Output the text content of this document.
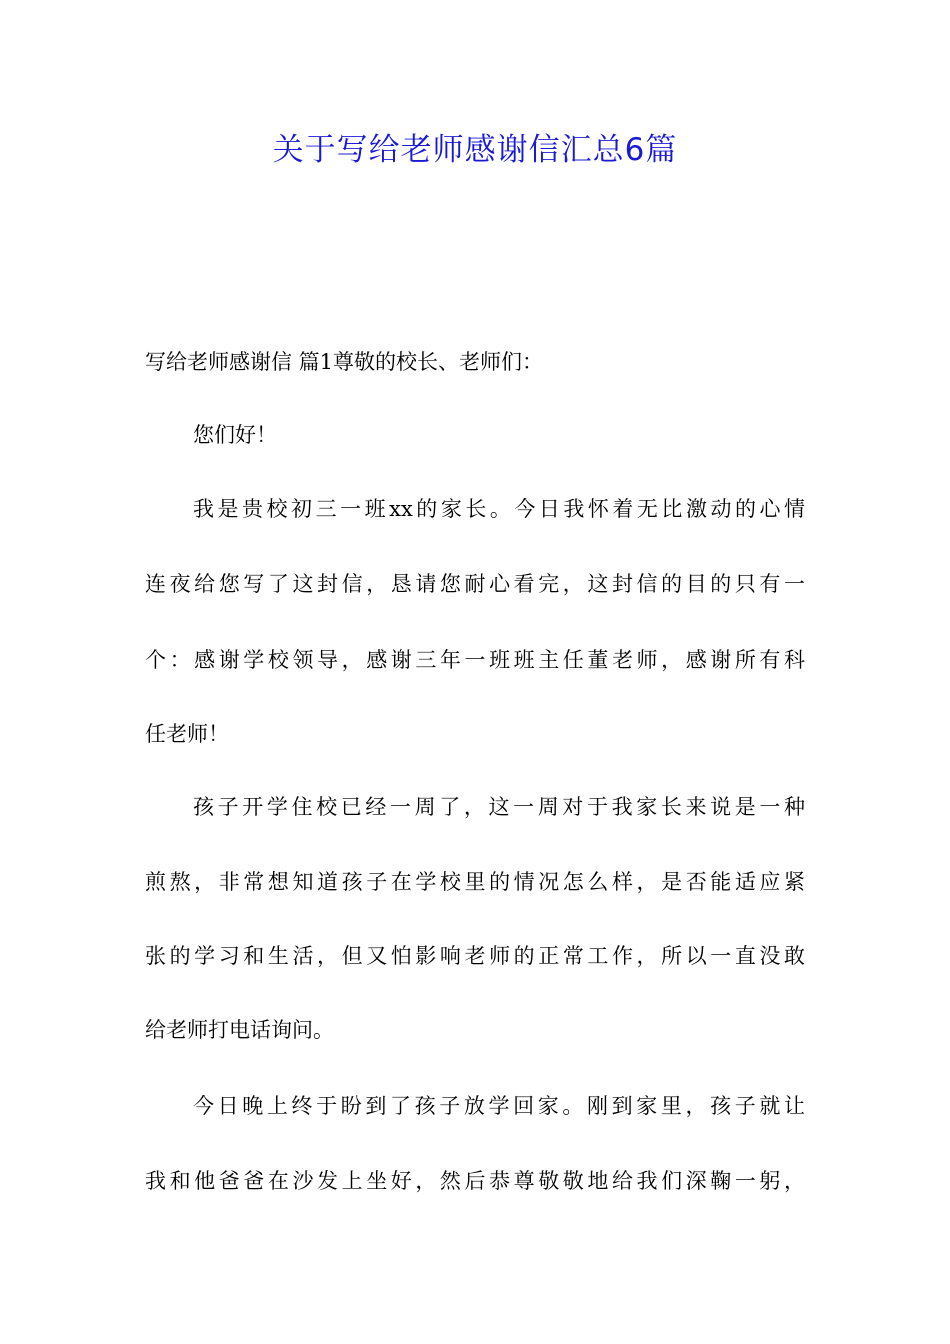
关于写给老师感谢信汇总6篇
写给老师感谢信 篇1尊敬的校长、老师们：
您们好！
我是贵校初三一班xx的家长。今日我怀着无比激动的心情
连夜给您写了这封信，恳请您耐心看完，这封信的目的只有一
个：感谢学校领导，感谢三年一班班主任董老师，感谢所有科
任老师！
孩子开学住校已经一周了，这一周对于我家长来说是一种
煎熬，非常想知道孩子在学校里的情况怎么样，是否能适应紧
张的学习和生活，但又怕影响老师的正常工作，所以一直没敢
给老师打电话询问。
今日晚上终于盼到了孩子放学回家。刚到家里，孩子就让
我和他爸爸在沙发上坐好，然后恭尊敬敬地给我们深鞠一躬，
